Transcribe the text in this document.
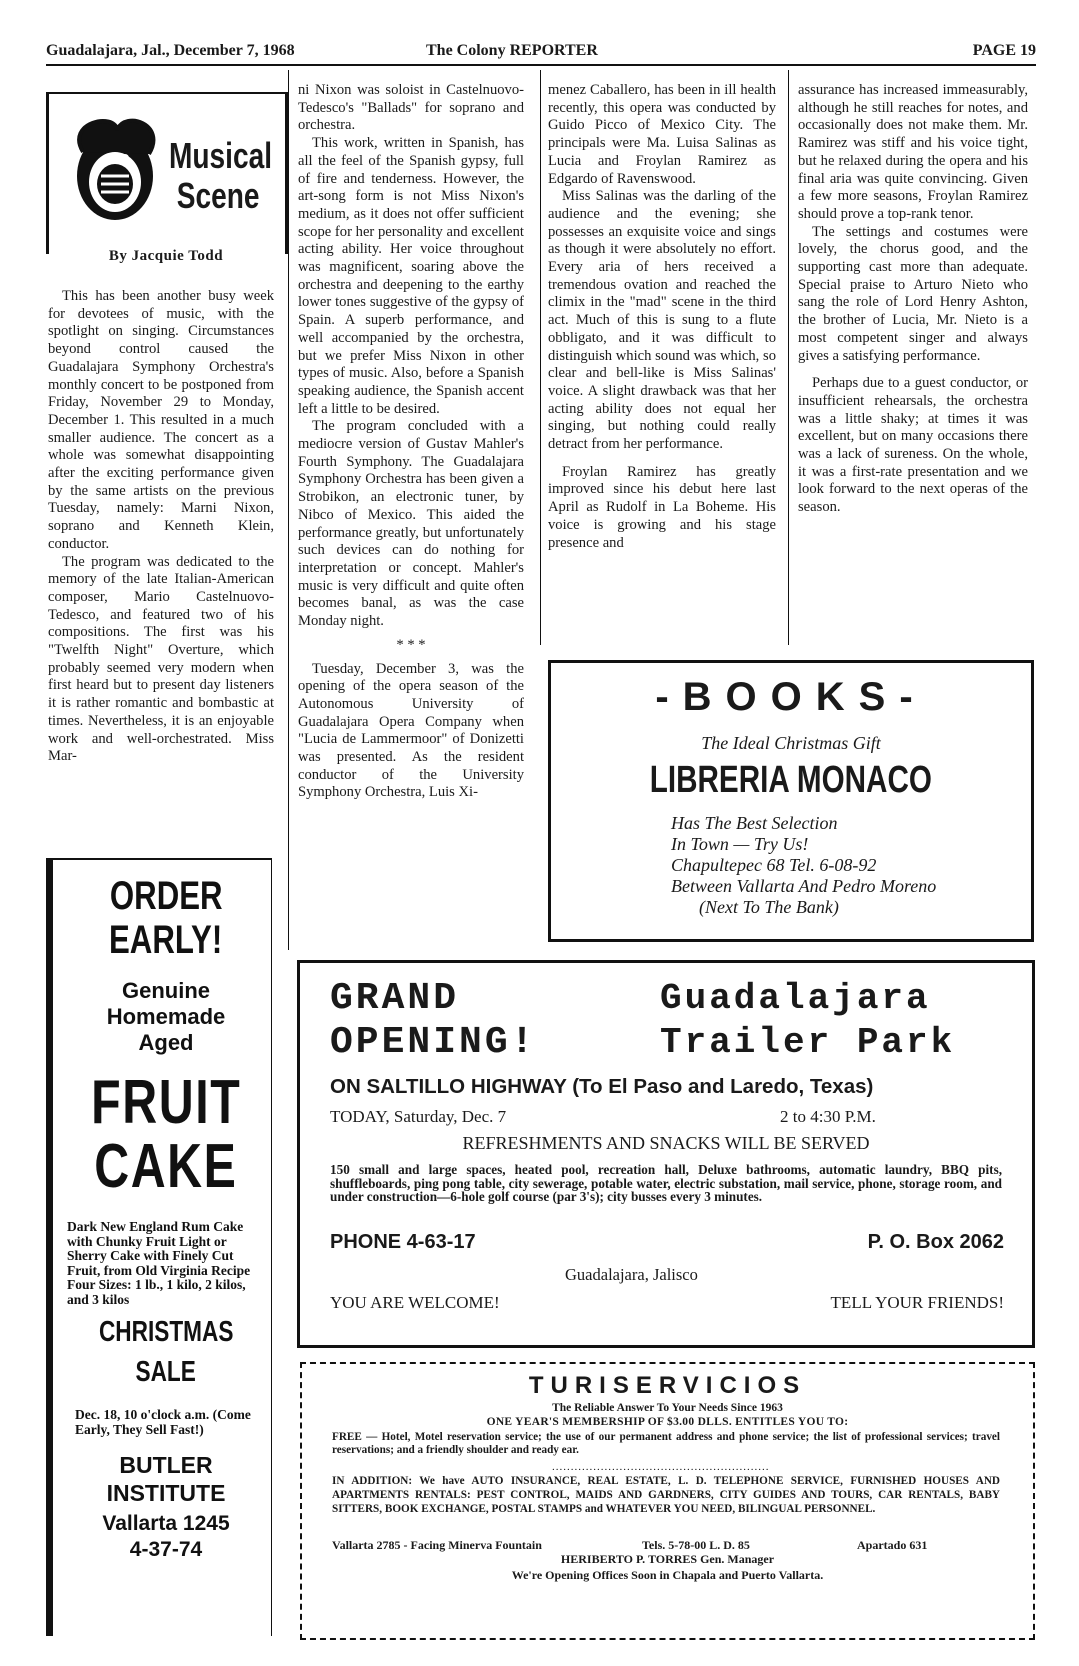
Guadalajara, Jal., December 7, 1968	The Colony REPORTER	PAGE 19
Musical
Scene
By Jacquie Todd

This has been another busy week for devotees of music, with the spotlight on singing. Circumstances beyond control caused the Guadalajara Symphony Orchestra's monthly concert to be postponed from Friday, November 29 to Monday, December 1. This resulted in a much smaller audience. The concert as a whole was somewhat disappointing after the exciting performance given by the same artists on the previous Tuesday, namely: Marni Nixon, soprano and Kenneth Klein, conductor.

The program was dedicated to the memory of the late Italian-American composer, Mario Castelnuovo-Tedesco, and featured two of his compositions. The first was his "Twelfth Night" Overture, which probably seemed very modern when first heard but to present day listeners it is rather romantic and bombastic at times. Nevertheless, it is an enjoyable work and well-orchestrated. Miss Mar-

ni Nixon was soloist in Castelnuovo-Tedesco's "Ballads" for soprano and orchestra.

This work, written in Spanish, has all the feel of the Spanish gypsy, full of fire and tenderness. However, the art-song form is not Miss Nixon's medium, as it does not offer sufficient scope for her personality and excellent acting ability. Her voice throughout was magnificent, soaring above the orchestra and deepening to the earthy lower tones suggestive of the gypsy of Spain. A superb performance, and well accompanied by the orchestra, but we prefer Miss Nixon in other types of music. Also, before a Spanish speaking audience, the Spanish accent left a little to be desired.

The program concluded with a mediocre version of Gustav Mahler's Fourth Symphony. The Guadalajara Symphony Orchestra has been given a Strobikon, an electronic tuner, by Nibco of Mexico. This aided the performance greatly, but unfortunately such devices can do nothing for interpretation or concept. Mahler's music is very difficult and quite often becomes banal, as was the case Monday night.

* * *

Tuesday, December 3, was the opening of the opera season of the Autonomous University of Guadalajara Opera Company when "Lucia de Lammermoor" of Donizetti was presented. As the resident conductor of the University Symphony Orchestra, Luis Xi-

menez Caballero, has been in ill health recently, this opera was conducted by Guido Picco of Mexico City. The principals were Ma. Luisa Salinas as Lucia and Froylan Ramirez as Edgardo of Ravenswood.

Miss Salinas was the darling of the audience and the evening; she possesses an exquisite voice and sings as though it were absolutely no effort. Every aria of hers received a tremendous ovation and reached the climix in the "mad" scene in the third act. Much of this is sung to a flute obbligato, and it was difficult to distinguish which sound was which, so clear and bell-like is Miss Salinas' voice. A slight drawback was that her acting ability does not equal her singing, but nothing could really detract from her performance.

Froylan Ramirez has greatly improved since his debut here last April as Rudolf in La Boheme. His voice is growing and his stage presence and

assurance has increased immeasurably, although he still reaches for notes, and occasionally does not make them. Mr. Ramirez was stiff and his voice tight, but he relaxed during the opera and his final aria was quite convincing. Given a few more seasons, Froylan Ramirez should prove a top-rank tenor.

The settings and costumes were lovely, the chorus good, and the supporting cast more than adequate. Special praise to Arturo Nieto who sang the role of Lord Henry Ashton, the brother of Lucia, Mr. Nieto is a most competent singer and always gives a satisfying performance.

Perhaps due to a guest conductor, or insufficient rehearsals, the orchestra was a little shaky; at times it was excellent, but on many occasions there was a lack of sureness. On the whole, it was a first-rate presentation and we look forward to the next operas of the season.

ORDER
EARLY!
Genuine
Homemade
Aged
FRUIT
CAKE
Dark New England Rum Cake with Chunky Fruit Light or Sherry Cake with Finely Cut Fruit, from Old Virginia Recipe Four Sizes: 1 lb., 1 kilo, 2 kilos, and 3 kilos
CHRISTMAS
SALE
Dec. 18, 10 o'clock a.m. (Come Early, They Sell Fast!)
BUTLER
INSTITUTE
Vallarta 1245
4-37-74
-BOOKS-
The Ideal Christmas Gift
LIBRERIA MONACO
Has The Best Selection
In Town — Try Us!
Chapultepec 68 Tel. 6-08-92
Between Vallarta And Pedro Moreno
(Next To The Bank)
GRAND
OPENING!
Guadalajara
Trailer Park
ON SALTILLO HIGHWAY (To El Paso and Laredo, Texas)
TODAY, Saturday, Dec. 7	2 to 4:30 P.M.
REFRESHMENTS AND SNACKS WILL BE SERVED
150 small and large spaces, heated pool, recreation hall, Deluxe bathrooms, automatic laundry, BBQ pits, shuffleboards, ping pong table, city sewerage, potable water, electric substation, mail service, phone, storage room, and under construction—6-hole golf course (par 3's); city busses every 3 minutes.
PHONE 4-63-17	P. O. Box 2062
Guadalajara, Jalisco
YOU ARE WELCOME!	TELL YOUR FRIENDS!
TURISERVICIOS
The Reliable Answer To Your Needs Since 1963
ONE YEAR'S MEMBERSHIP OF $3.00 DLLS. ENTITLES YOU TO:
FREE — Hotel, Motel reservation service; the use of our permanent address and phone service; the list of professional services; travel reservations; and a friendly shoulder and ready ear.
..........................................................
IN ADDITION: We have AUTO INSURANCE, REAL ESTATE, L. D. TELEPHONE SERVICE, FURNISHED HOUSES AND APARTMENTS RENTALS: PEST CONTROL, MAIDS AND GARDNERS, CITY GUIDES AND TOURS, CAR RENTALS, BABY SITTERS, BOOK EXCHANGE, POSTAL STAMPS and WHATEVER YOU NEED, BILINGUAL PERSONNEL.
Vallarta 2785 - Facing Minerva Fountain	Tels. 5-78-00 L. D. 85	Apartado 631
HERIBERTO P. TORRES Gen. Manager
We're Opening Offices Soon in Chapala and Puerto Vallarta.
